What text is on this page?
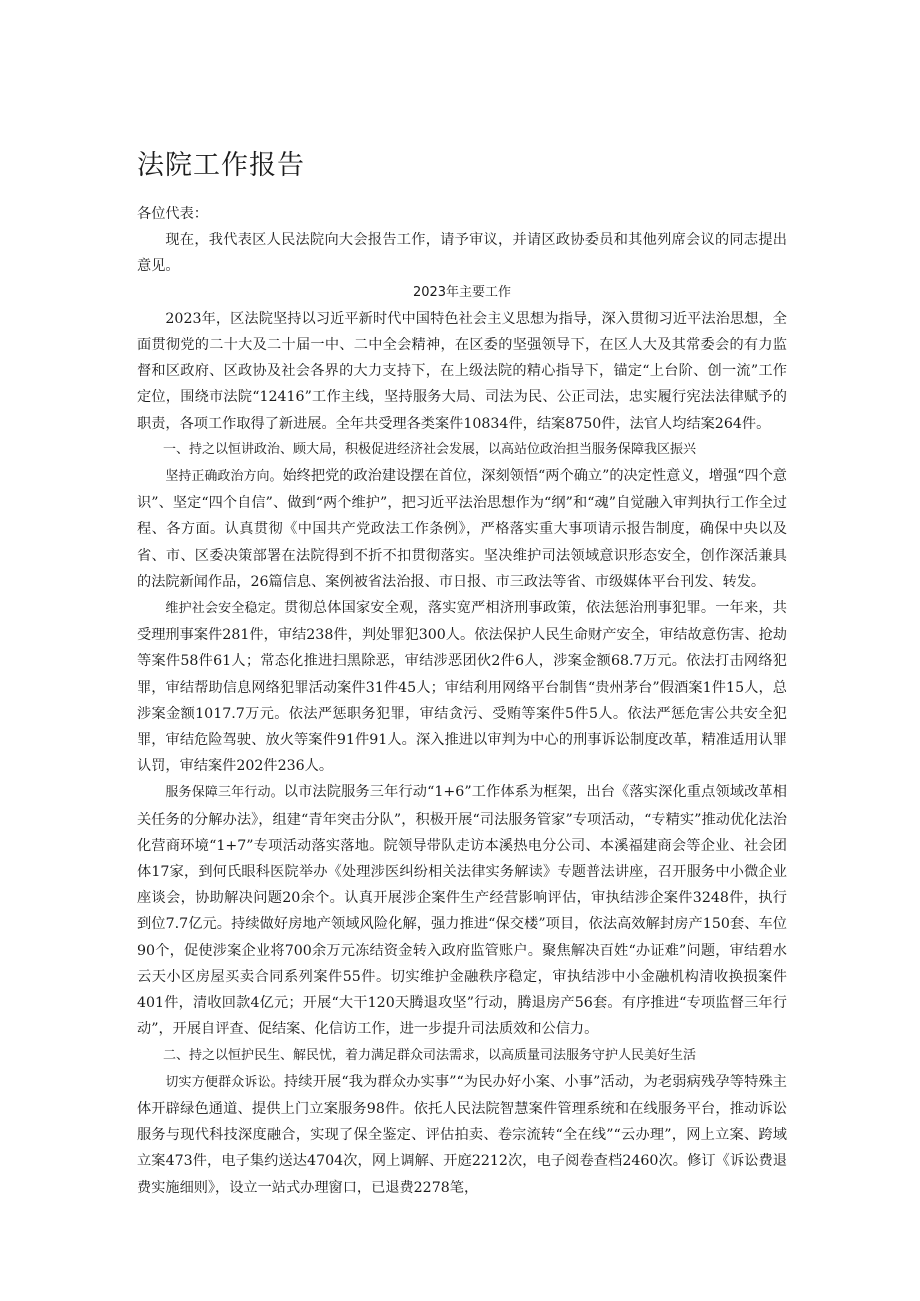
法院工作报告

各位代表：

现在，我代表区人民法院向大会报告工作，请予审议，并请区政协委员和其他列席会议的同志提出意见。

2023年主要工作

2023年，区法院坚持以习近平新时代中国特色社会主义思想为指导，深入贯彻习近平法治思想，全面贯彻党的二十大及二十届一中、二中全会精神，在区委的坚强领导下，在区人大及其常委会的有力监督和区政府、区政协及社会各界的大力支持下，在上级法院的精心指导下，锚定“上台阶、创一流”工作定位，围绕市法院“12416”工作主线，坚持服务大局、司法为民、公正司法，忠实履行宪法法律赋予的职责，各项工作取得了新进展。全年共受理各类案件10834件，结案8750件，法官人均结案264件。

一、持之以恒讲政治、顾大局，积极促进经济社会发展，以高站位政治担当服务保障我区振兴

坚持正确政治方向。始终把党的政治建设摆在首位，深刻领悟“两个确立”的决定性意义，增强“四个意识”、坚定“四个自信”、做到“两个维护”，把习近平法治思想作为“纲”和“魂”自觉融入审判执行工作全过程、各方面。认真贯彻《中国共产党政法工作条例》，严格落实重大事项请示报告制度，确保中央以及省、市、区委决策部署在法院得到不折不扣贯彻落实。坚决维护司法领域意识形态安全，创作深活兼具的法院新闻作品，26篇信息、案例被省法治报、市日报、市三政法等省、市级媒体平台刊发、转发。

维护社会安全稳定。贯彻总体国家安全观，落实宽严相济刑事政策，依法惩治刑事犯罪。一年来，共受理刑事案件281件，审结238件，判处罪犯300人。依法保护人民生命财产安全，审结故意伤害、抢劫等案件58件61人；常态化推进扫黑除恶，审结涉恶团伙2件6人，涉案金额68.7万元。依法打击网络犯罪，审结帮助信息网络犯罪活动案件31件45人；审结利用网络平台制售“贵州茅台”假酒案1件15人，总涉案金额1017.7万元。依法严惩职务犯罪，审结贪污、受贿等案件5件5人。依法严惩危害公共安全犯罪，审结危险驾驶、放火等案件91件91人。深入推进以审判为中心的刑事诉讼制度改革，精准适用认罪认罚，审结案件202件236人。

服务保障三年行动。以市法院服务三年行动“1+6”工作体系为框架，出台《落实深化重点领域改革相关任务的分解办法》，组建“青年突击分队”，积极开展“司法服务管家”专项活动，“专精实”推动优化法治化营商环境“1+7”专项活动落实落地。院领导带队走访本溪热电分公司、本溪福建商会等企业、社会团体17家，到何氏眼科医院举办《处理涉医纠纷相关法律实务解读》专题普法讲座，召开服务中小微企业座谈会，协助解决问题20余个。认真开展涉企案件生产经营影响评估，审执结涉企案件3248件，执行到位7.7亿元。持续做好房地产领域风险化解，强力推进“保交楼”项目，依法高效解封房产150套、车位90个，促使涉案企业将700余万元冻结资金转入政府监管账户。聚焦解决百姓“办证难”问题，审结碧水云天小区房屋买卖合同系列案件55件。切实维护金融秩序稳定，审执结涉中小金融机构清收换损案件401件，清收回款4亿元；开展“大干120天腾退攻坚”行动，腾退房产56套。有序推进“专项监督三年行动”，开展自评查、促结案、化信访工作，进一步提升司法质效和公信力。

二、持之以恒护民生、解民忧，着力满足群众司法需求，以高质量司法服务守护人民美好生活

切实方便群众诉讼。持续开展“我为群众办实事”“为民办好小案、小事”活动，为老弱病残孕等特殊主体开辟绿色通道、提供上门立案服务98件。依托人民法院智慧案件管理系统和在线服务平台，推动诉讼服务与现代科技深度融合，实现了保全鉴定、评估拍卖、卷宗流转“全在线”“云办理”，网上立案、跨域立案473件，电子集约送达4704次，网上调解、开庭2212次，电子阅卷查档2460次。修订《诉讼费退费实施细则》，设立一站式办理窗口，已退费2278笔，
